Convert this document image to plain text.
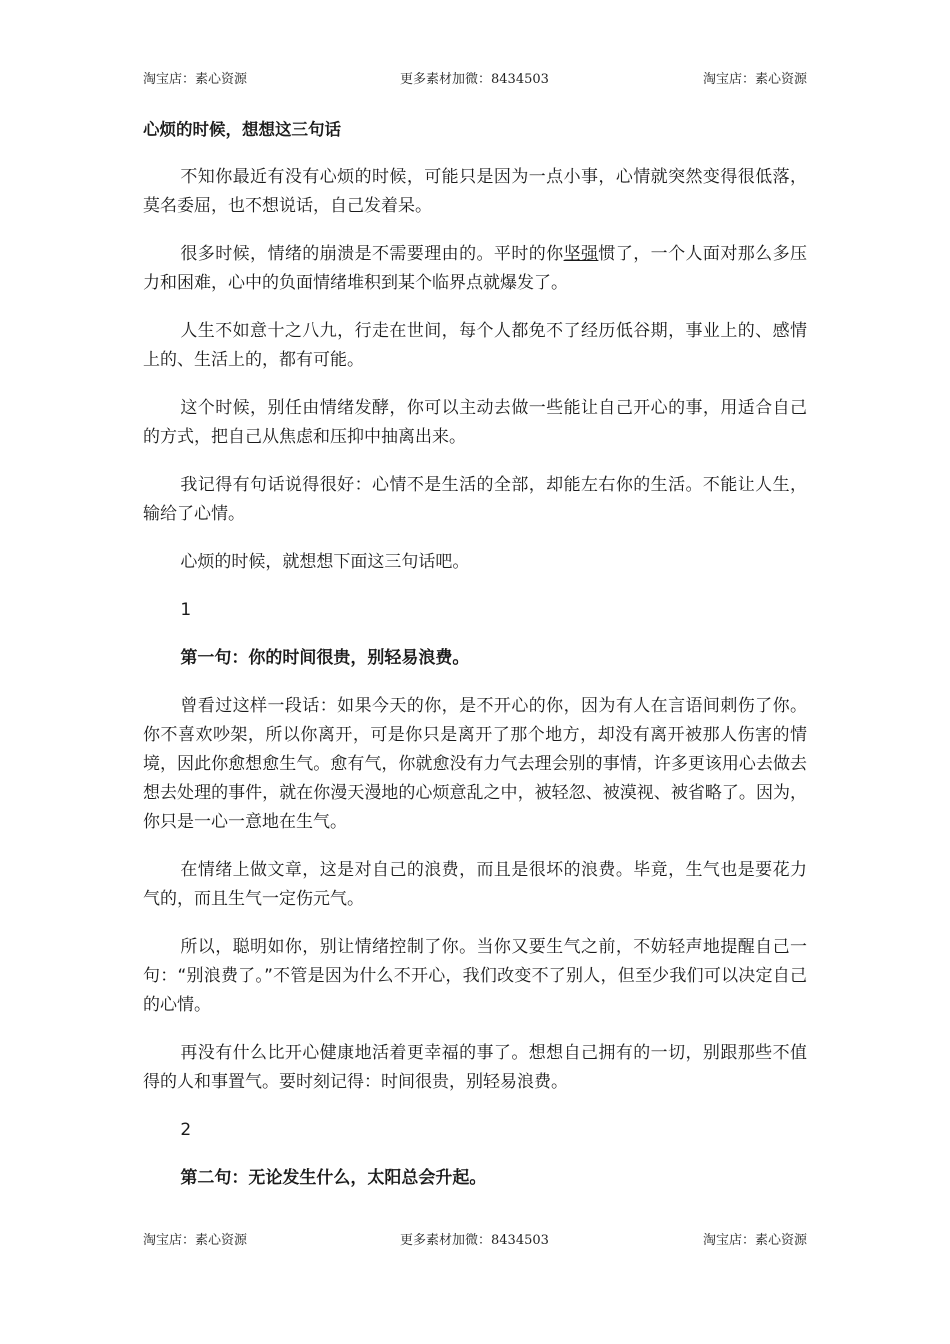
淘宝店：素心资源	更多素材加微：8434503	淘宝店：素心资源
心烦的时候，想想这三句话

不知你最近有没有心烦的时候，可能只是因为一点小事，心情就突然变得很低落，莫名委屈，也不想说话，自己发着呆。

很多时候，情绪的崩溃是不需要理由的。平时的你坚强惯了，一个人面对那么多压力和困难，心中的负面情绪堆积到某个临界点就爆发了。

人生不如意十之八九，行走在世间，每个人都免不了经历低谷期，事业上的、感情上的、生活上的，都有可能。

这个时候，别任由情绪发酵，你可以主动去做一些能让自己开心的事，用适合自己的方式，把自己从焦虑和压抑中抽离出来。

我记得有句话说得很好：心情不是生活的全部，却能左右你的生活。不能让人生，输给了心情。

心烦的时候，就想想下面这三句话吧。

1

第一句：你的时间很贵，别轻易浪费。

曾看过这样一段话：如果今天的你，是不开心的你，因为有人在言语间刺伤了你。你不喜欢吵架，所以你离开，可是你只是离开了那个地方，却没有离开被那人伤害的情境，因此你愈想愈生气。愈有气，你就愈没有力气去理会别的事情，许多更该用心去做去想去处理的事件，就在你漫天漫地的心烦意乱之中，被轻忽、被漠视、被省略了。因为，你只是一心一意地在生气。

在情绪上做文章，这是对自己的浪费，而且是很坏的浪费。毕竟，生气也是要花力气的，而且生气一定伤元气。

所以，聪明如你，别让情绪控制了你。当你又要生气之前，不妨轻声地提醒自己一句：“别浪费了。”不管是因为什么不开心，我们改变不了别人，但至少我们可以决定自己的心情。

再没有什么比开心健康地活着更幸福的事了。想想自己拥有的一切，别跟那些不值得的人和事置气。要时刻记得：时间很贵，别轻易浪费。

2

第二句：无论发生什么，太阳总会升起。

淘宝店：素心资源	更多素材加微：8434503	淘宝店：素心资源
